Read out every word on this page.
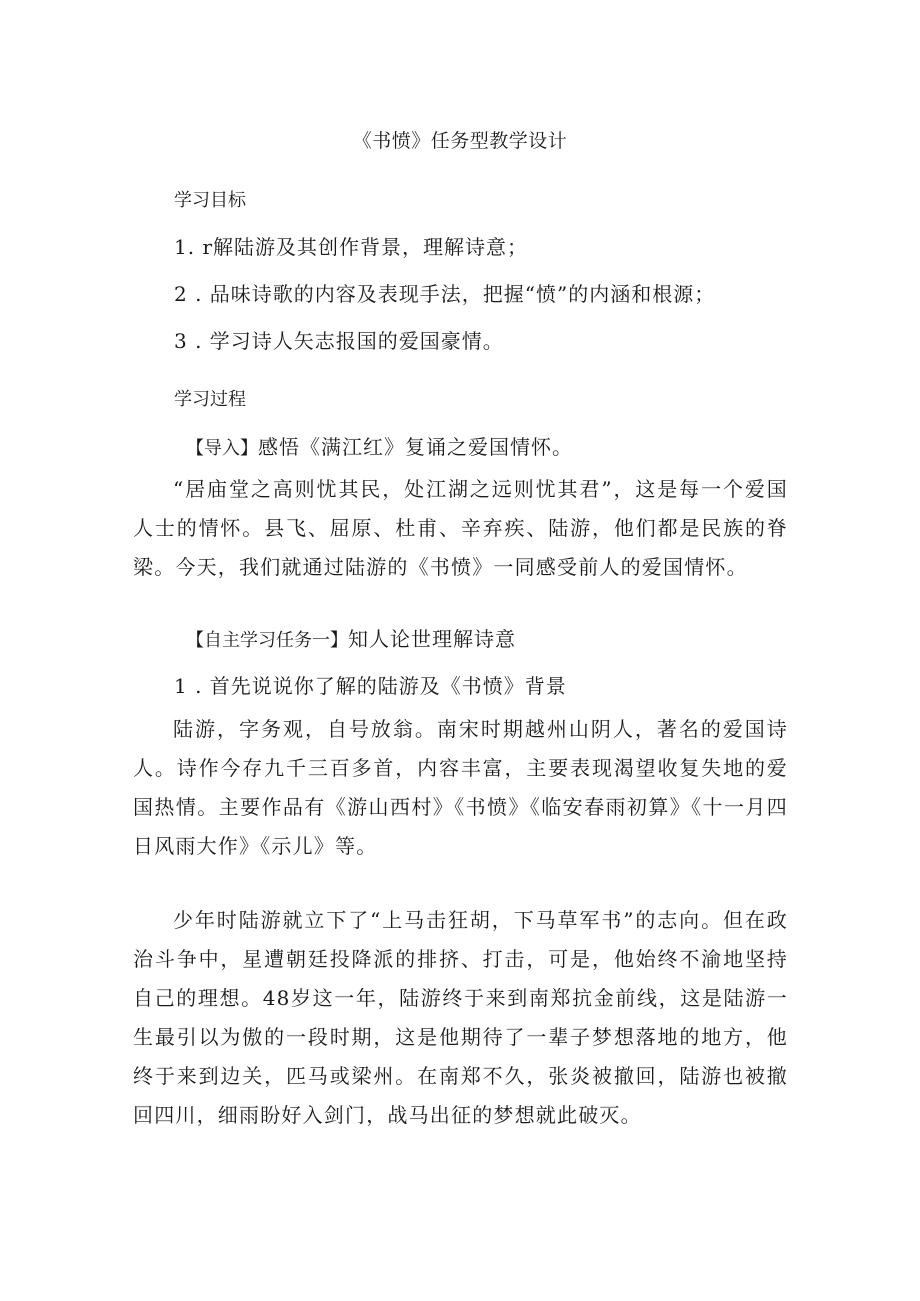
《书愤》任务型教学设计
学习目标
1. r解陆游及其创作背景，理解诗意；
2 . 品味诗歌的内容及表现手法，把握“愤”的内涵和根源；
3 . 学习诗人矢志报国的爱国豪情。
学习过程
【导入】感悟《满江红》复诵之爱国情怀。

“居庙堂之高则忧其民，处江湖之远则忧其君”，这是每一个爱国人士的情怀。县飞、屈原、杜甫、辛弃疾、陆游，他们都是民族的脊梁。今天，我们就通过陆游的《书愤》一同感受前人的爱国情怀。

【自主学习任务一】知人论世理解诗意
1 . 首先说说你了解的陆游及《书愤》背景

陆游，字务观，自号放翁。南宋时期越州山阴人，著名的爱国诗人。诗作今存九千三百多首，内容丰富，主要表现渴望收复失地的爱国热情。主要作品有《游山西村》《书愤》《临安春雨初算》《十一月四日风雨大作》《示儿》等。

少年时陆游就立下了“上马击狂胡，下马草军书”的志向。但在政治斗争中，星遭朝廷投降派的排挤、打击，可是，他始终不渝地坚持自己的理想。48岁这一年，陆游终于来到南郑抗金前线，这是陆游一生最引以为傲的一段时期，这是他期待了一辈子梦想落地的地方，他终于来到边关，匹马或梁州。在南郑不久，张炎被撤回，陆游也被撤回四川，细雨盼好入剑门，战马出征的梦想就此破灭。
